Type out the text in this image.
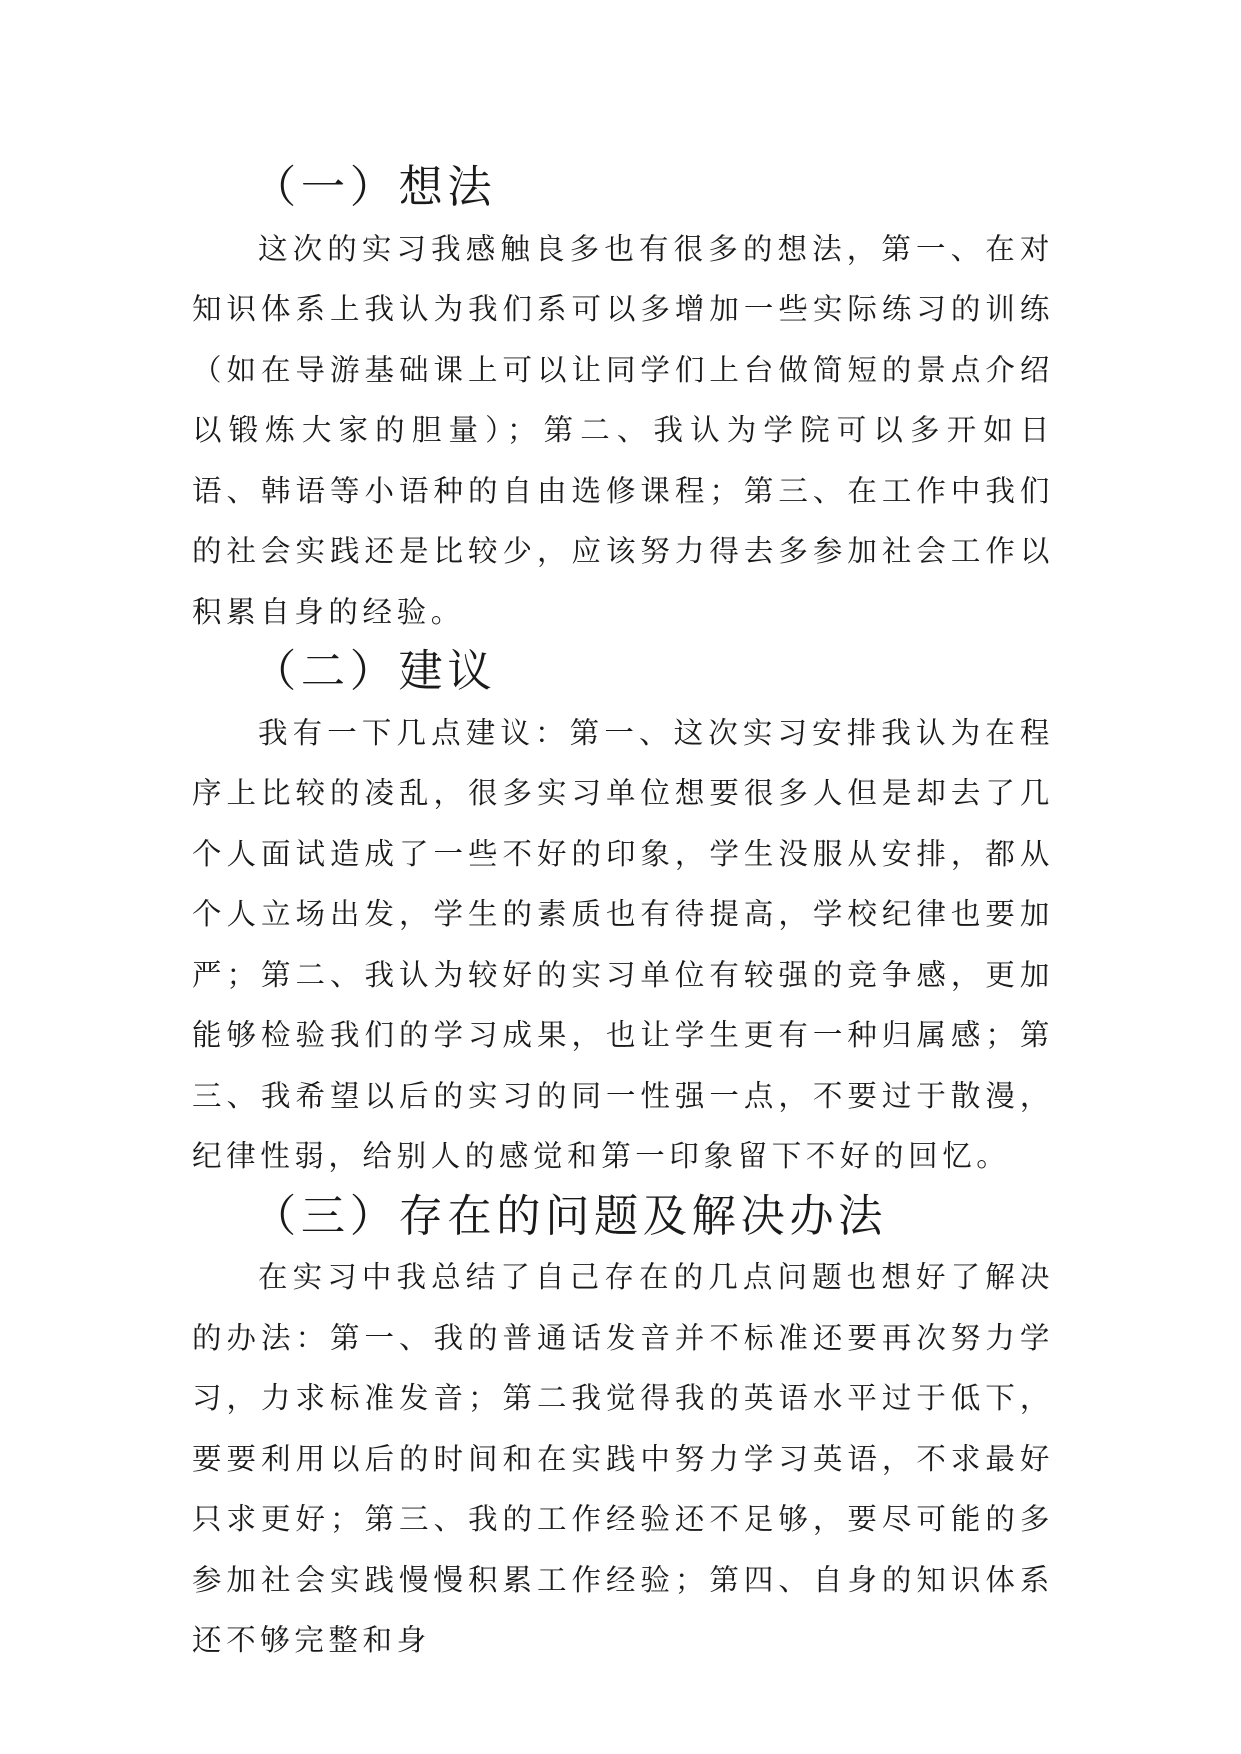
（一）想法

这次的实习我感触良多也有很多的想法，第一、在对知识体系上我认为我们系可以多增加一些实际练习的训练（如在导游基础课上可以让同学们上台做简短的景点介绍以锻炼大家的胆量）；第二、我认为学院可以多开如日语、韩语等小语种的自由选修课程；第三、在工作中我们的社会实践还是比较少，应该努力得去多参加社会工作以积累自身的经验。

（二）建议

我有一下几点建议：第一、这次实习安排我认为在程序上比较的凌乱，很多实习单位想要很多人但是却去了几个人面试造成了一些不好的印象，学生没服从安排，都从个人立场出发，学生的素质也有待提高，学校纪律也要加严；第二、我认为较好的实习单位有较强的竞争感，更加能够检验我们的学习成果，也让学生更有一种归属感；第三、我希望以后的实习的同一性强一点，不要过于散漫，纪律性弱，给别人的感觉和第一印象留下不好的回忆。

（三）存在的问题及解决办法

在实习中我总结了自己存在的几点问题也想好了解决的办法：第一、我的普通话发音并不标准还要再次努力学习，力求标准发音；第二我觉得我的英语水平过于低下，要要利用以后的时间和在实践中努力学习英语，不求最好只求更好；第三、我的工作经验还不足够，要尽可能的多参加社会实践慢慢积累工作经验；第四、自身的知识体系还不够完整和身
